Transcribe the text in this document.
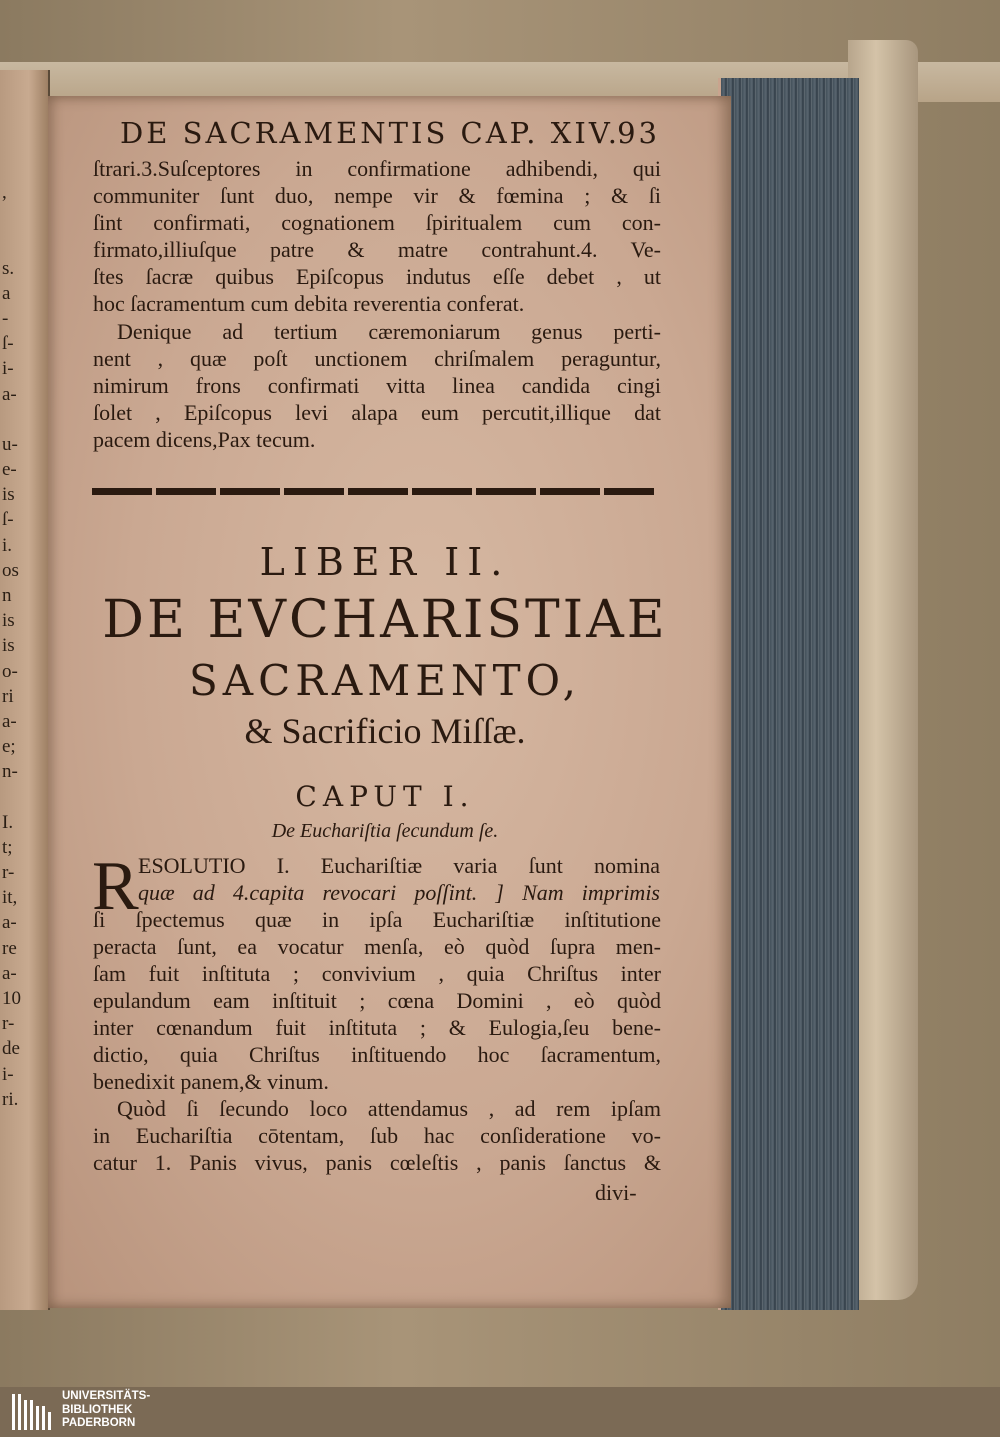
,
s.
a
-
ſ-
i-
a-
u-
e-
is
ſ-
i.
os
n
is
is
o-
ri
a-
e;
n-
I.
t;
r-
it,
a-
re
a-
10
r-
de
i-
ri.
DE SACRAMENTIS CAP. XIV.
93
ſtrari.3.Suſceptores in confirmatione adhibendi, qui
communiter ſunt duo, nempe vir & fœmina ; & ſi
ſint confirmati, cognationem ſpiritualem cum con-
firmato,illiuſque patre & matre contrahunt.4. Ve-
ſtes ſacræ quibus Epiſcopus indutus eſſe debet , ut
hoc ſacramentum cum debita reverentia conferat.
Denique ad tertium cæremoniarum genus perti-
nent , quæ poſt unctionem chriſmalem peraguntur,
nimirum frons confirmati vitta linea candida cingi
ſolet , Epiſcopus levi alapa eum percutit,illique dat
pacem dicens,Pax tecum.
LIBER II.
DE EVCHARISTIAE
SACRAMENTO,
& Sacrificio Miſſæ.
CAPUT I.
De Euchariſtia ſecundum ſe.
R ESOLUTIO I. Euchariſtiæ varia ſunt nomina
quæ ad 4.capita revocari poſſint. ] Nam imprimis
ſi ſpectemus quæ in ipſa Euchariſtiæ inſtitutione
peracta ſunt, ea vocatur menſa, eò quòd ſupra men-
ſam fuit inſtituta ; convivium , quia Chriſtus inter
epulandum eam inſtituit ; cœna Domini , eò quòd
inter cœnandum fuit inſtituta ; & Eulogia,ſeu bene-
dictio, quia Chriſtus inſtituendo hoc ſacramentum,
benedixit panem,& vinum.
Quòd ſi ſecundo loco attendamus , ad rem ipſam
in Euchariſtia cōtentam, ſub hac conſideratione vo-
catur 1. Panis vivus, panis cœleſtis , panis ſanctus &
divi-
UNIVERSITÄTS-
BIBLIOTHEK
PADERBORN
